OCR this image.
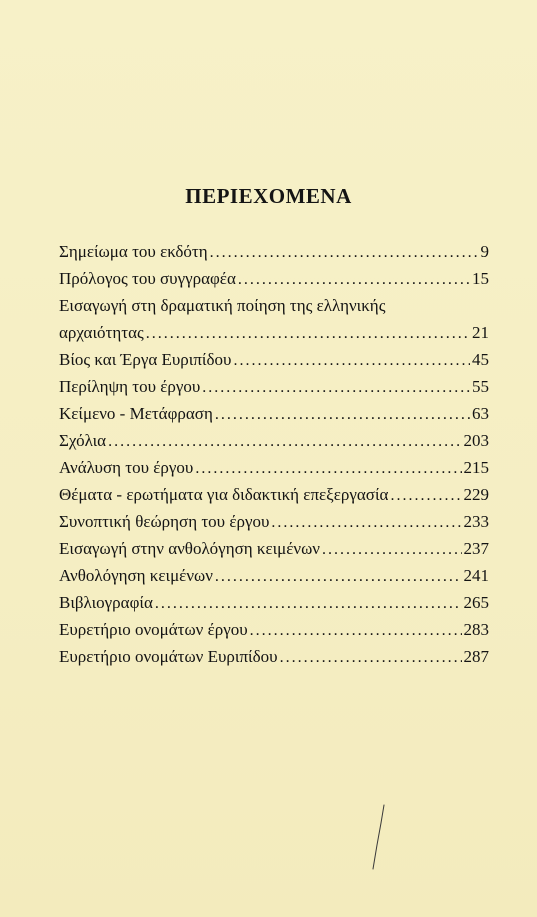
ΠΕΡΙΕΧΟΜΕΝΑ
Σημείωμα του εκδότη . . .	9
Πρόλογος του συγγραφέα . . .	15
Εισαγωγή στη δραματική ποίηση της ελληνικής
αρχαιότητας . . .	21
Βίος και Έργα Ευριπίδου . . .	45
Περίληψη του έργου . . .	55
Κείμενο - Μετάφραση . . .	63
Σχόλια . . .	203
Ανάλυση του έργου . . .	215
Θέματα - ερωτήματα για διδακτική επεξεργασία . . .	229
Συνοπτική θεώρηση του έργου . . .	233
Εισαγωγή στην ανθολόγηση κειμένων . . .	237
Ανθολόγηση κειμένων . . .	241
Βιβλιογραφία . . .	265
Ευρετήριο ονομάτων έργου . . .	283
Ευρετήριο ονομάτων Ευριπίδου . . .	287
